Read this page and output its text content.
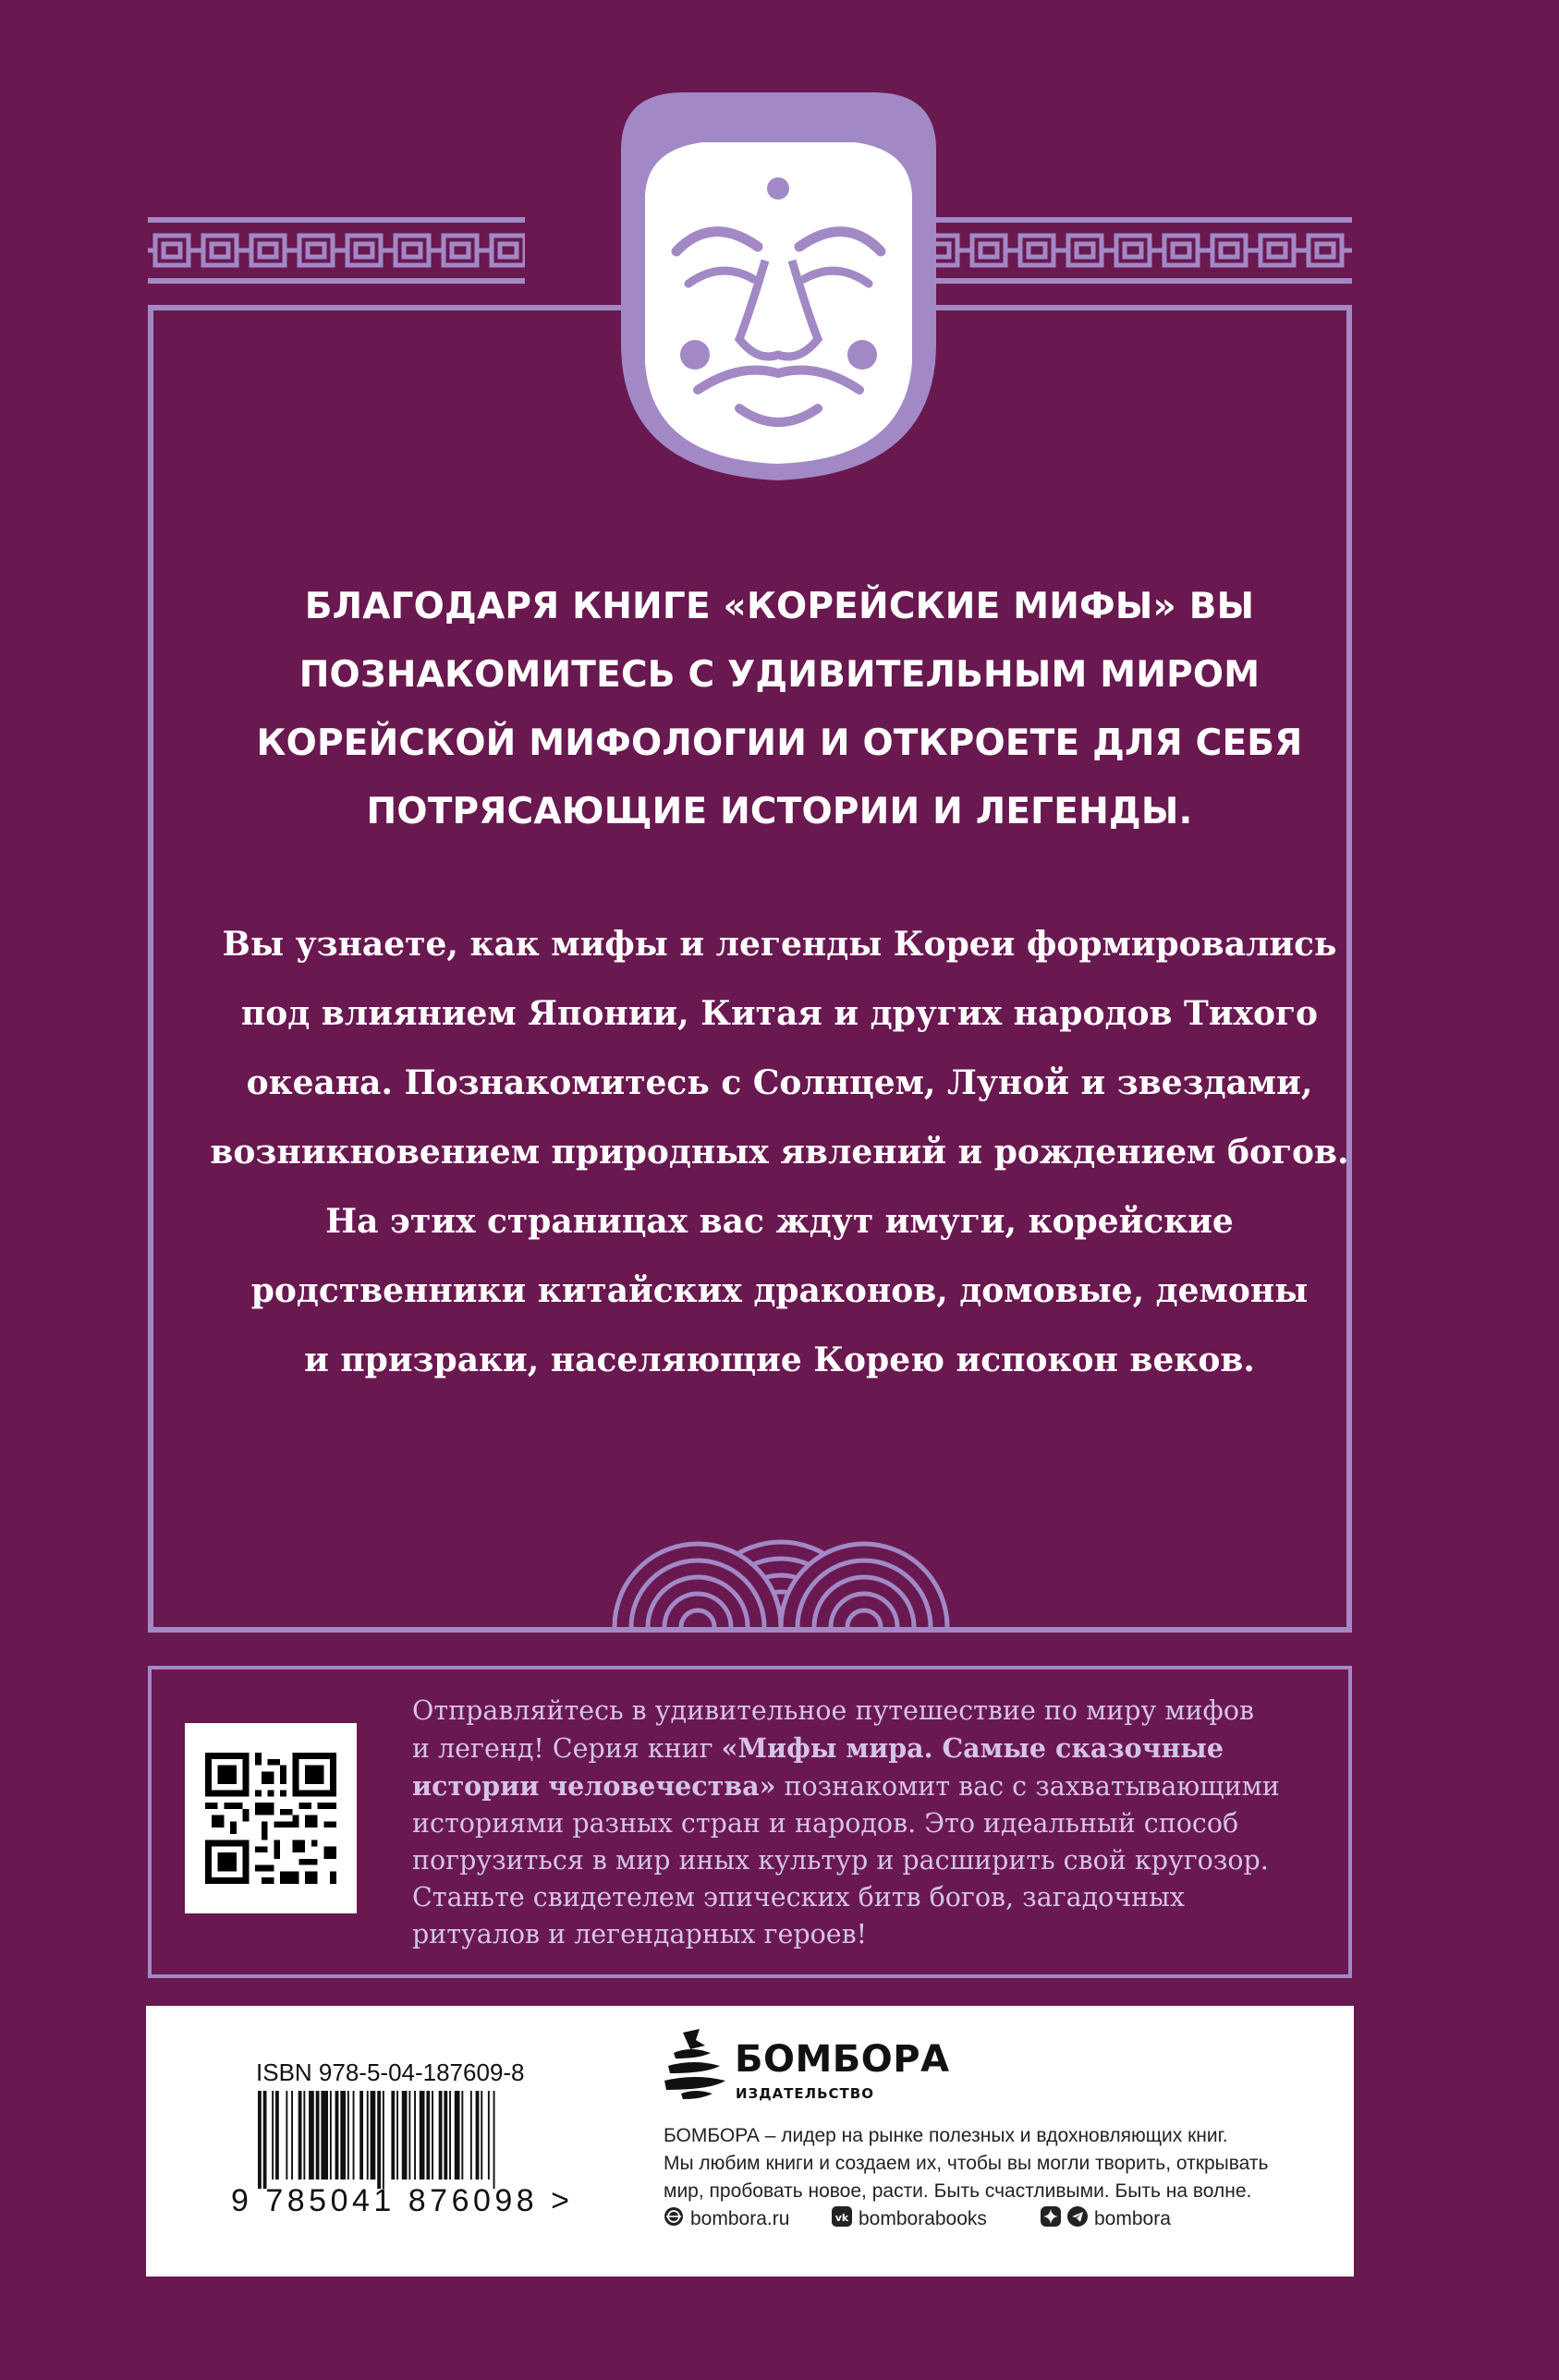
БЛАГОДАРЯ КНИГЕ «КОРЕЙСКИЕ МИФЫ» ВЫ
ПОЗНАКОМИТЕСЬ С УДИВИТЕЛЬНЫМ МИРОМ
КОРЕЙСКОЙ МИФОЛОГИИ И ОТКРОЕТЕ ДЛЯ СЕБЯ
ПОТРЯСАЮЩИЕ ИСТОРИИ И ЛЕГЕНДЫ.
Вы узнаете, как мифы и легенды Кореи формировались
под влиянием Японии, Китая и других народов Тихого
океана. Познакомитесь с Солнцем, Луной и звездами,
возникновением природных явлений и рождением богов.
На этих страницах вас ждут имуги, корейские
родственники китайских драконов, домовые, демоны
и призраки, населяющие Корею испокон веков.
Отправляйтесь в удивительное путешествие по миру мифов
и легенд! Серия книг «Мифы мира. Самые сказочные
истории человечества» познакомит вас с захватывающими
историями разных стран и народов. Это идеальный способ
погрузиться в мир иных культур и расширить свой кругозор.
Станьте свидетелем эпических битв богов, загадочных
ритуалов и легендарных героев!
ISBN 978-5-04-187609-8
9 785041 876098 >
БОМБОРА
ИЗДАТЕЛЬСТВО
БОМБОРА – лидер на рынке полезных и вдохновляющих книг.
Мы любим книги и создаем их, чтобы вы могли творить, открывать
мир, пробовать новое, расти. Быть счастливыми. Быть на волне.
bombora.ru	vk bomborabooks	bombora
